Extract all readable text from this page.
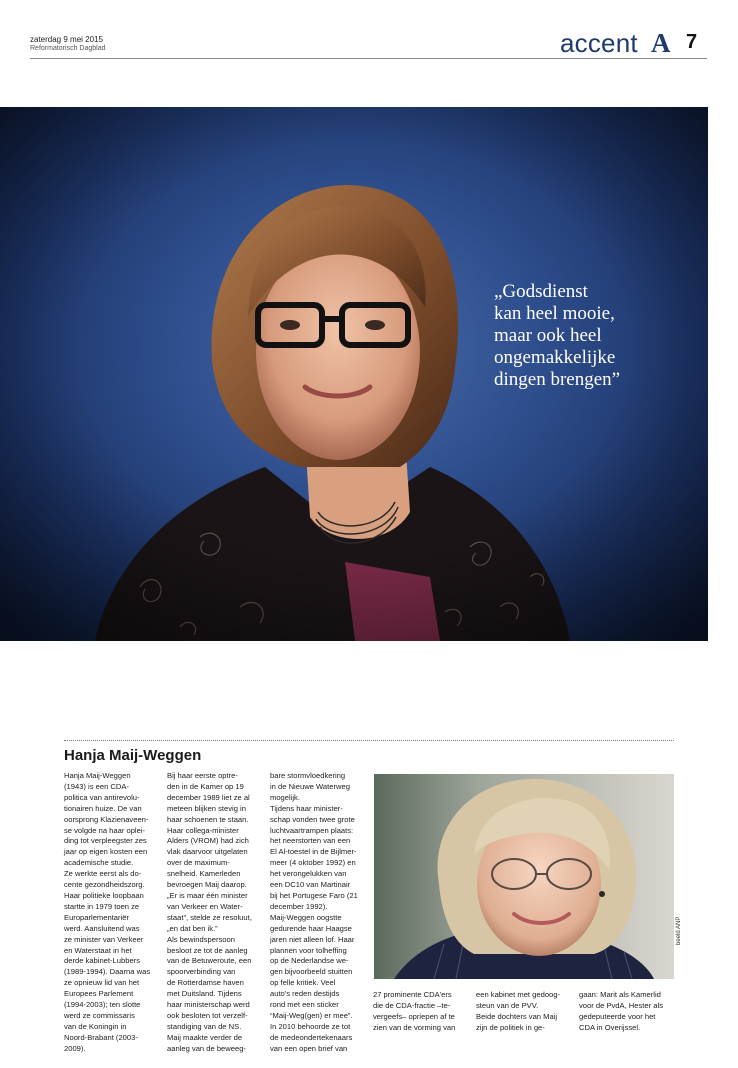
zaterdag 9 mei 2015
Reformatorisch Dagblad	accent A 7
„Godsdienst
kan heel mooie,
maar ook heel
ongemakkelijke
dingen brengen”
Hanja Maij-Weggen
Hanja Maij-Weggen
(1943) is een CDA-
politica van antirevolu-
tionairen huize. De van
oorsprong Klazienaveen-
se volgde na haar oplei-
ding tot verpleegster zes
jaar op eigen kosten een
academische studie.
Ze werkte eerst als do-
cente gezondheidszorg.
Haar politieke loopbaan
startte in 1979 toen ze
Europarlementariër
werd. Aansluitend was
ze minister van Verkeer
en Waterstaat in het
derde kabinet-Lubbers
(1989-1994). Daarna was
ze opnieuw lid van het
Europees Parlement
(1994-2003); ten slotte
werd ze commissaris
van de Koningin in
Noord-Brabant (2003-
2009).
Bij haar eerste optre-
den in de Kamer op 19
december 1989 liet ze al
meteen blijken stevig in
haar schoenen te staan.
Haar collega-minister
Alders (VROM) had zich
vlak daarvoor uitgelaten
over de maximum-
snelheid. Kamerleden
bevroegen Maij daarop.
„Er is maar één minister
van Verkeer en Water-
staat”, stelde ze resoluut,
„en dat ben ik.”
Als bewindspersoon
besloot ze tot de aanleg
van de Betuweroute, een
spoorverbinding van
de Rotterdamse haven
met Duitsland. Tijdens
haar ministerschap werd
ook besloten tot verzelf-
standiging van de NS.
Maij maakte verder de
aanleg van de beweeg-
bare stormvloedkering
in de Nieuwe Waterweg
mogelijk.
Tijdens haar minister-
schap vonden twee grote
luchtvaartrampen plaats:
het neerstorten van een
El Al-toestel in de Bijlmer-
meer (4 oktober 1992) en
het verongelukken van
een DC10 van Martinair
bij het Portugese Faro (21
december 1992).
Maij-Weggen oogstte
gedurende haar Haagse
jaren niet alleen lof. Haar
plannen voor tolheffing
op de Nederlandse we-
gen bijvoorbeeld stuitten
op felle kritiek. Veel
auto's reden destijds
rond met een sticker
“Maij-Weg(gen) er mee”.
In 2010 behoorde ze tot
de medeondertekenaars
van een open brief van
beeld ANP
27 prominente CDA'ers
die de CDA-fractie –te-
vergeefs– opriepen af te
zien van de vorming van
een kabinet met gedoog-
steun van de PVV.
Beide dochters van Maij
zijn de politiek in ge-
gaan: Marit als Kamerlid
voor de PvdA, Hester als
gedeputeerde voor het
CDA in Overijssel.
